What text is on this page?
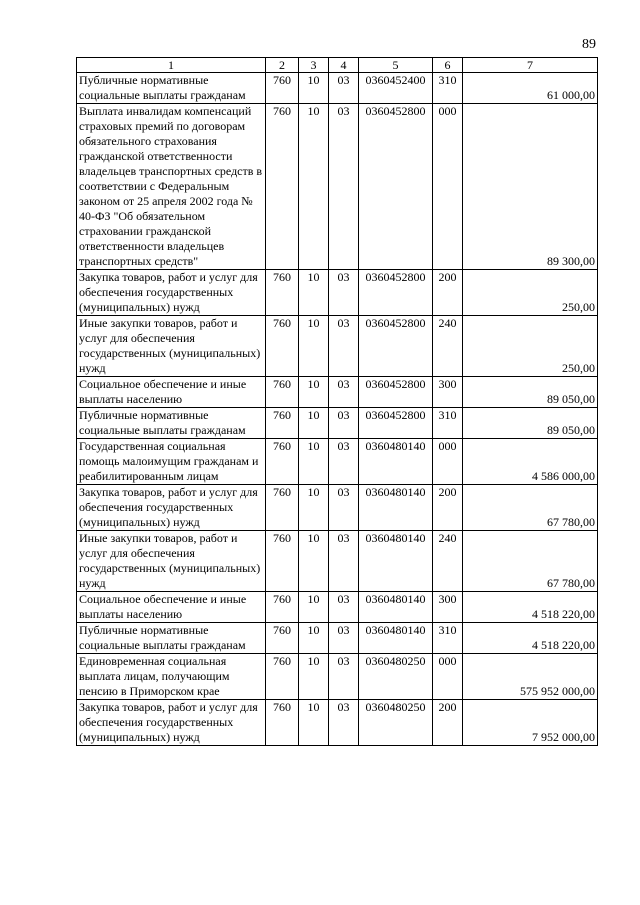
89
1	2	3	4	5	6	7
Публичные нормативные социальные выплаты гражданам	760	10	03	0360452400	310	61 000,00
Выплата инвалидам компенсаций страховых премий по договорам обязательного страхования гражданской ответственности владельцев транспортных средств в соответствии с Федеральным законом от 25 апреля 2002 года № 40-ФЗ "Об обязательном страховании гражданской ответственности владельцев транспортных средств"	760	10	03	0360452800	000	89 300,00
Закупка товаров, работ и услуг для обеспечения государственных (муниципальных) нужд	760	10	03	0360452800	200	250,00
Иные закупки товаров, работ и услуг для обеспечения государственных (муниципальных) нужд	760	10	03	0360452800	240	250,00
Социальное обеспечение и иные выплаты населению	760	10	03	0360452800	300	89 050,00
Публичные нормативные социальные выплаты гражданам	760	10	03	0360452800	310	89 050,00
Государственная социальная помощь малоимущим гражданам и реабилитированным лицам	760	10	03	0360480140	000	4 586 000,00
Закупка товаров, работ и услуг для обеспечения государственных (муниципальных) нужд	760	10	03	0360480140	200	67 780,00
Иные закупки товаров, работ и услуг для обеспечения государственных (муниципальных) нужд	760	10	03	0360480140	240	67 780,00
Социальное обеспечение и иные выплаты населению	760	10	03	0360480140	300	4 518 220,00
Публичные нормативные социальные выплаты гражданам	760	10	03	0360480140	310	4 518 220,00
Единовременная социальная выплата лицам, получающим пенсию в Приморском крае	760	10	03	0360480250	000	575 952 000,00
Закупка товаров, работ и услуг для обеспечения государственных (муниципальных) нужд	760	10	03	0360480250	200	7 952 000,00
